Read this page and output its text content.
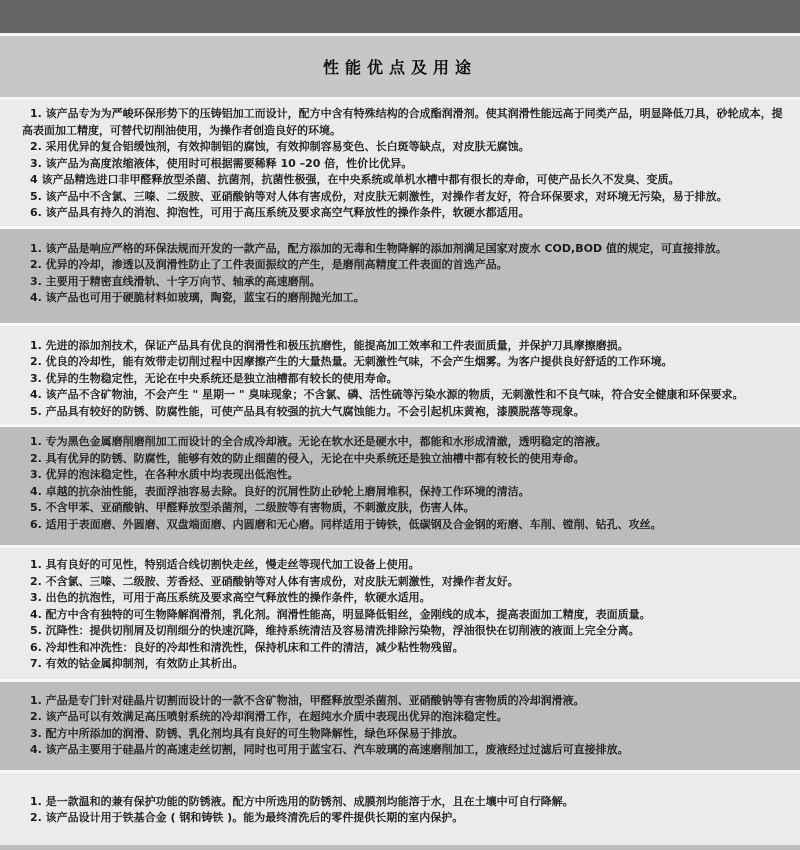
性能优点及用途

1. 该产品专为为严峻环保形势下的压铸铝加工而设计，配方中含有特殊结构的合成酯润滑剂。使其润滑性能远高于同类产品，明显降低刀具，砂轮成本，提高表面加工精度，可替代切削油使用，为操作者创造良好的环境。

2. 采用优异的复合铝缓蚀剂，有效抑制铝的腐蚀，有效抑制容易变色、长白斑等缺点，对皮肤无腐蚀。

3. 该产品为高度浓缩液体，使用时可根据需要稀释 10 –20 倍，性价比优异。

4 该产品精选进口非甲醛释放型杀菌、抗菌剂，抗菌性极强，在中央系统或单机水槽中都有很长的寿命，可使产品长久不发臭、变质。

5. 该产品中不含氯、三嗪、二级胺、亚硝酸钠等对人体有害成份，对皮肤无刺激性，对操作者友好，符合环保要求，对环境无污染，易于排放。

6. 该产品具有持久的消泡、抑泡性，可用于高压系统及要求高空气释放性的操作条件，软硬水都适用。

1. 该产品是响应严格的环保法规而开发的一款产品，配方添加的无毒和生物降解的添加剂满足国家对废水 COD,BOD 值的规定，可直接排放。

2. 优异的冷却，渗透以及润滑性防止了工件表面振纹的产生，是磨削高精度工件表面的首选产品。

3. 主要用于精密直线滑轨、十字万向节、轴承的高速磨削。

4. 该产品也可用于硬脆材料如玻璃，陶瓷，蓝宝石的磨削抛光加工。

1. 先进的添加剂技术，保证产品具有优良的润滑性和极压抗磨性，能提高加工效率和工件表面质量，并保护刀具摩擦磨损。

2. 优良的冷却性，能有效带走切削过程中因摩擦产生的大量热量。无刺激性气味，不会产生烟雾。为客户提供良好舒适的工作环境。

3. 优异的生物稳定性，无论在中央系统还是独立油槽都有较长的使用寿命。

4. 该产品不含矿物油，不会产生 " 星期一 " 臭味现象；不含氯、磷、活性硫等污染水源的物质，无刺激性和不良气味，符合安全健康和环保要求。

5. 产品具有较好的防锈、防腐性能，可使产品具有较强的抗大气腐蚀能力。不会引起机床黄袍，漆膜脱落等现象。

1. 专为黑色金属磨削磨削加工而设计的全合成冷却液。无论在软水还是硬水中，都能和水形成清澈，透明稳定的溶液。

2. 具有优异的防锈、防腐性，能够有效的防止细菌的侵入，无论在中央系统还是独立油槽中都有较长的使用寿命。

3. 优异的泡沫稳定性，在各种水质中均表现出低泡性。

4. 卓越的抗杂油性能，表面浮油容易去除。良好的沉屑性防止砂轮上磨屑堆积，保持工作环境的清洁。

5. 不含甲苯、亚硝酸钠、甲醛释放型杀菌剂，二级胺等有害物质，不刺激皮肤，伤害人体。

6. 适用于表面磨、外圆磨、双盘端面磨、内圆磨和无心磨。同样适用于铸铁，低碳钢及合金钢的珩磨、车削、镗削、钻孔、攻丝。

1. 具有良好的可见性，特别适合线切割快走丝，慢走丝等现代加工设备上使用。

2. 不含氯、三嗪、二级胺、芳香烃、亚硝酸钠等对人体有害成份，对皮肤无刺激性，对操作者友好。

3. 出色的抗泡性，可用于高压系统及要求高空气释放性的操作条件，软硬水适用。

4. 配方中含有独特的可生物降解润滑剂，乳化剂。润滑性能高，明显降低钼丝，金刚线的成本，提高表面加工精度，表面质量。

5. 沉降性：提供切削屑及切削细分的快速沉降，维持系统清洁及容易清洗排除污染物，浮油很快在切削液的液面上完全分离。

6. 冷却性和冲洗性：良好的冷却性和清洗性，保持机床和工件的清洁，减少粘性物残留。

7. 有效的钴金属抑制剂，有效防止其析出。

1. 产品是专门针对硅晶片切割而设计的一款不含矿物油，甲醛释放型杀菌剂、亚硝酸钠等有害物质的冷却润滑液。

2. 该产品可以有效满足高压喷射系统的冷却润滑工作，在超纯水介质中表现出优异的泡沫稳定性。

3. 配方中所添加的润滑、防锈、乳化剂均具有良好的可生物降解性，绿色环保易于排放。

4. 该产品主要用于硅晶片的高速走丝切割，同时也可用于蓝宝石、汽车玻璃的高速磨削加工，废液经过过滤后可直接排放。

1. 是一款温和的兼有保护功能的防锈液。配方中所选用的防锈剂、成膜剂均能溶于水，且在土壤中可自行降解。

2. 该产品设计用于铁基合金 ( 钢和铸铁 )。能为最终清洗后的零件提供长期的室内保护。
